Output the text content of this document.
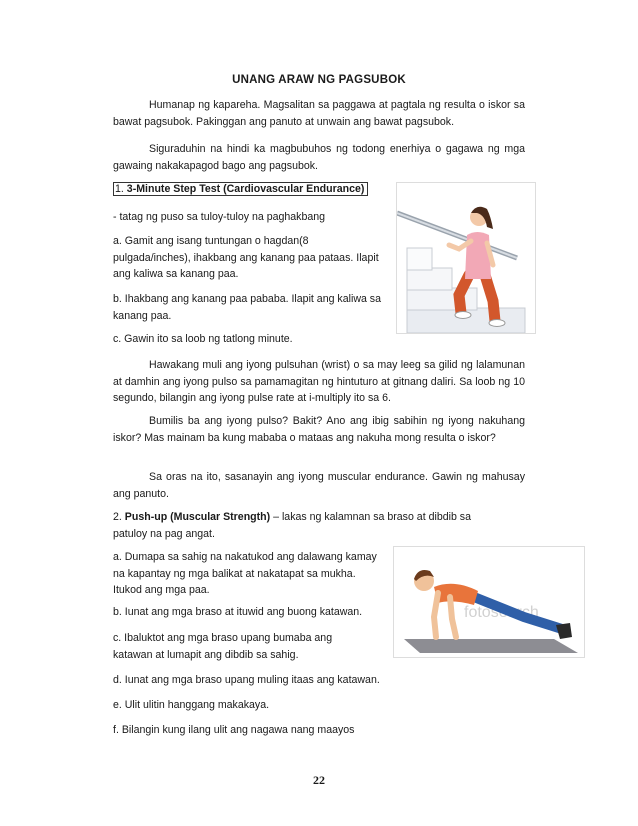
UNANG ARAW NG PAGSUBOK
Humanap ng kapareha. Magsalitan sa paggawa at pagtala ng resulta o iskor sa bawat pagsubok. Pakinggan ang panuto at unwain ang bawat pagsubok.
Siguraduhin na hindi ka magbubuhos ng todong enerhiya o gagawa ng mga gawaing nakakapagod bago ang pagsubok.
1. 3-Minute Step Test (Cardiovascular Endurance)
- tatag ng puso sa tuloy-tuloy na paghakbang
a. Gamit ang isang tuntungan o hagdan(8 pulgada/inches), ihakbang ang kanang paa pataas. Ilapit ang kaliwa sa kanang paa.
b. Ihakbang ang kanang paa pababa. Ilapit ang kaliwa sa kanang paa.
c. Gawin ito sa loob ng tatlong minute.
Hawakang muli ang iyong pulsuhan (wrist) o sa may leeg sa gilid ng lalamunan at damhin ang iyong pulso sa pamamagitan ng hintuturo at gitnang daliri. Sa loob ng 10 segundo, bilangin ang iyong pulse rate at i-multiply ito sa 6.
Bumilis ba ang iyong pulso? Bakit? Ano ang ibig sabihin ng iyong nakuhang iskor? Mas mainam ba kung mababa o mataas ang nakuha mong resulta o iskor?
Sa oras na ito, sasanayin ang iyong muscular endurance. Gawin ng mahusay ang panuto.
2. Push-up (Muscular Strength) – lakas ng kalamnan sa braso at dibdib sa patuloy na pag angat.
a. Dumapa sa sahig na nakatukod ang dalawang kamay na kapantay ng mga balikat at nakatapat sa mukha. Itukod ang mga paa.
b. Iunat ang mga braso at ituwid ang buong katawan.
c. Ibaluktot ang mga braso upang bumaba ang katawan at lumapit ang dibdib sa sahig.
d. Iunat ang mga braso upang muling itaas ang katawan.
e. Ulit ulitin hanggang makakaya.
f. Bilangin kung ilang ulit ang nagawa nang maayos
fotosearch
22
